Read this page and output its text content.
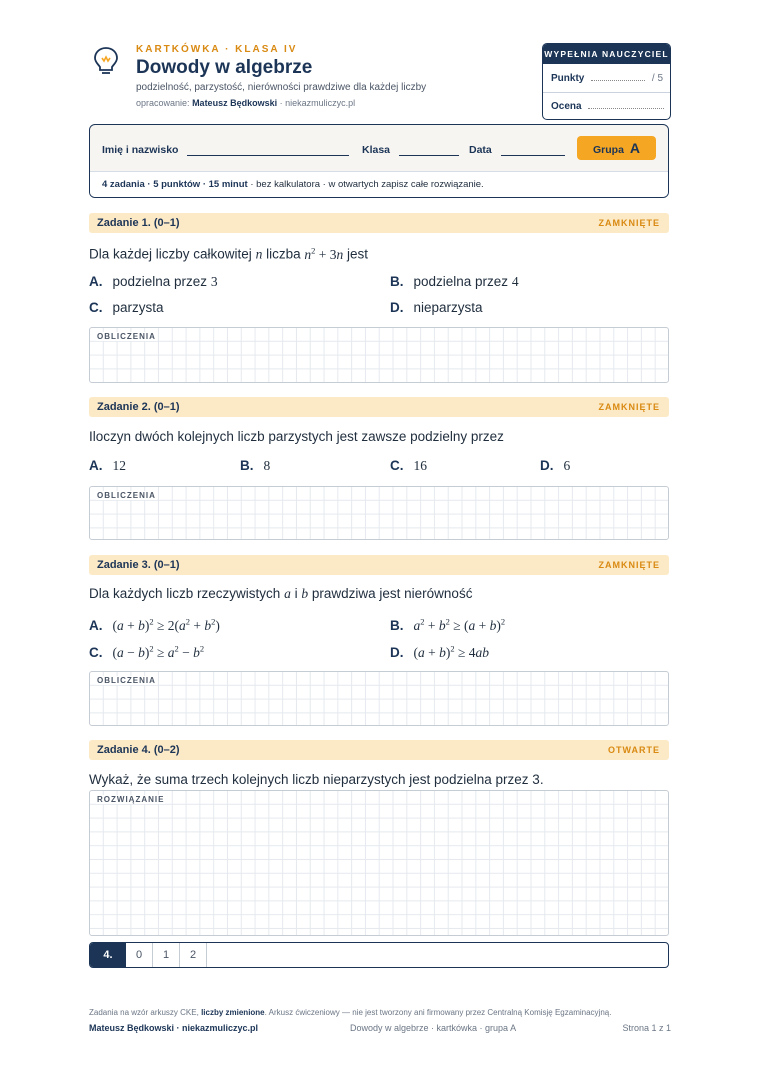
KARTKÓWKA · KLASA IV
Dowody w algebrze
podzielność, parzystość, nierówności prawdziwe dla każdej liczby
opracowanie: Mateusz Będkowski · niekazmuliczyc.pl
WYPEŁNIA NAUCZYCIEL
Punkty	/ 5
Ocena
Imię i nazwisko	Klasa	Data	Grupa A
4 zadania · 5 punktów · 15 minut · bez kalkulatora · w otwartych zapisz całe rozwiązanie.
Zadanie 1. (0–1)	ZAMKNIĘTE
Dla każdej liczby całkowitej n liczba $n^2 + 3n$ jest
A. podzielna przez 3	B. podzielna przez 4
C. parzysta	D. nieparzysta
OBLICZENIA
Zadanie 2. (0–1)	ZAMKNIĘTE
Iloczyn dwóch kolejnych liczb parzystych jest zawsze podzielny przez
A. 12	B. 8	C. 16	D. 6
OBLICZENIA
Zadanie 3. (0–1)	ZAMKNIĘTE
Dla każdych liczb rzeczywistych a i b prawdziwa jest nierówność
A. $(a + b)^2 \ge 2(a^2 + b^2)$	B. $a^2 + b^2 \ge (a + b)^2$
C. $(a - b)^2 \ge a^2 - b^2$	D. $(a + b)^2 \ge 4ab$
OBLICZENIA
Zadanie 4. (0–2)	OTWARTE
Wykaż, że suma trzech kolejnych liczb nieparzystych jest podzielna przez 3.
ROZWIĄZANIE
4.	0	1	2
Zadania na wzór arkuszy CKE, liczby zmienione. Arkusz ćwiczeniowy — nie jest tworzony ani firmowany przez Centralną Komisję Egzaminacyjną.
Mateusz Będkowski · niekazmuliczyc.pl	Dowody w algebrze · kartkówka · grupa A	Strona 1 z 1
